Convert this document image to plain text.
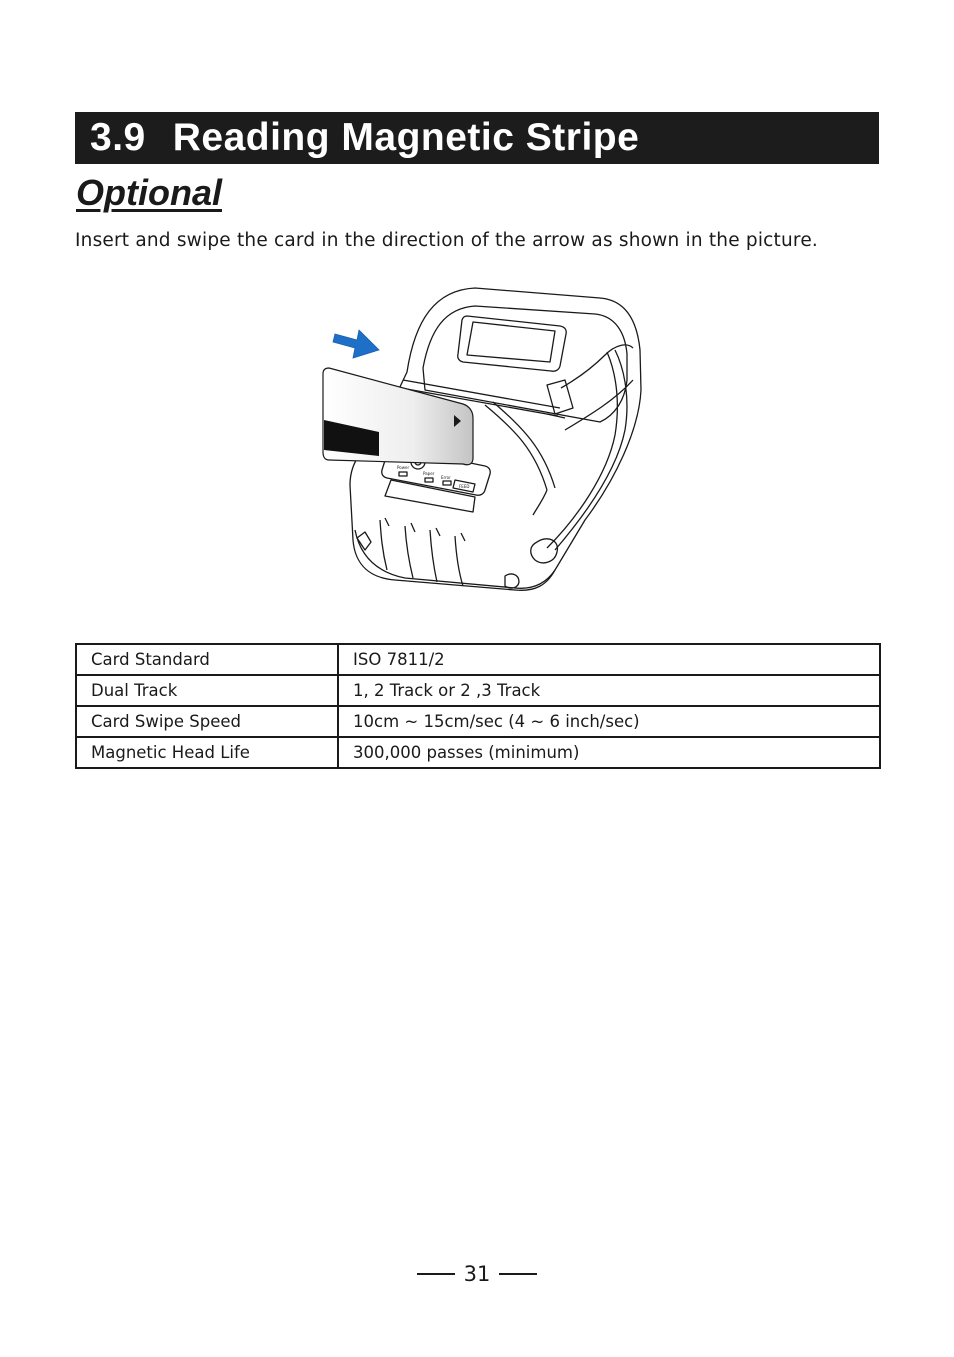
3.9 Reading Magnetic Stripe
Optional

Insert and swipe the card in the direction of the arrow as shown in the picture.

Power
Paper
Error
FEED
Card Standard	ISO 7811/2
Dual Track	1, 2 Track or 2 ,3 Track
Card Swipe Speed	10cm ~ 15cm/sec (4 ~ 6 inch/sec)
Magnetic Head Life	300,000 passes (minimum)
31
